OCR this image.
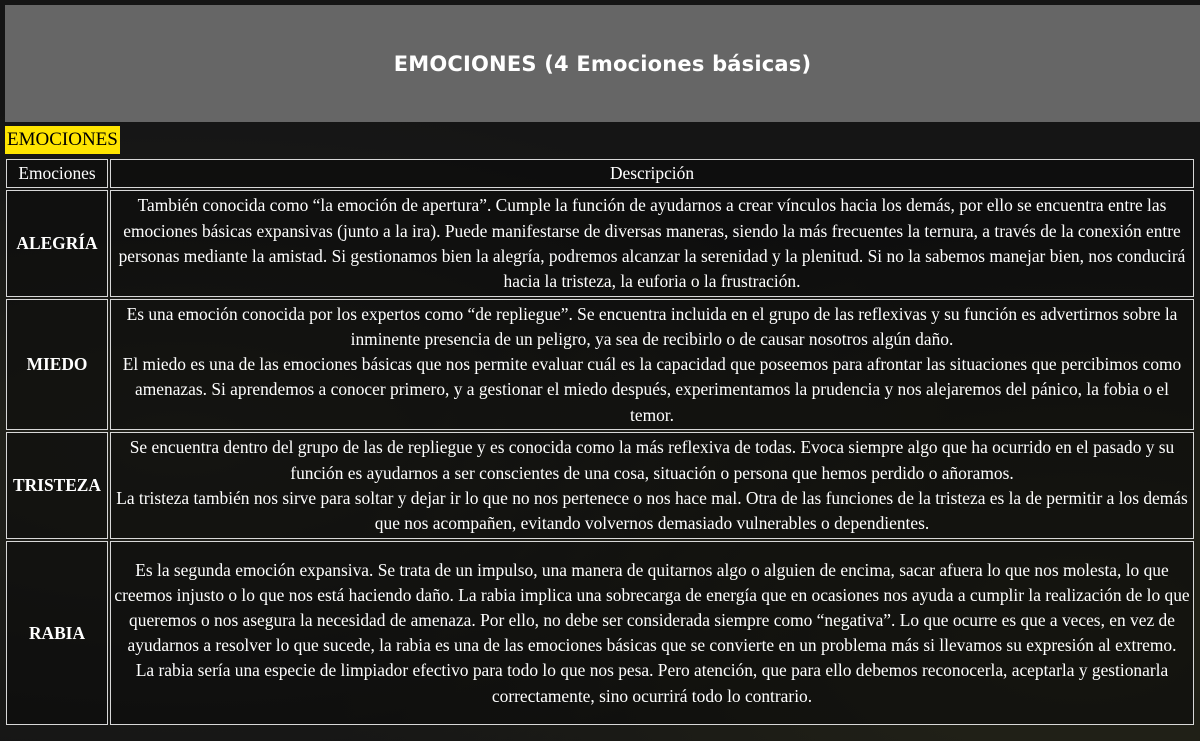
EMOCIONES (4 Emociones básicas)
EMOCIONES
Emociones	Descripción
ALEGRÍA	También conocida como “la emoción de apertura”. Cumple la función de ayudarnos a crear vínculos hacia los demás, por ello se encuentra entre las emociones básicas expansivas (junto a la ira). Puede manifestarse de diversas maneras, siendo la más frecuentes la ternura, a través de la conexión entre personas mediante la amistad. Si gestionamos bien la alegría, podremos alcanzar la serenidad y la plenitud. Si no la sabemos manejar bien, nos conducirá hacia la tristeza, la euforia o la frustración.

MIEDO	Es una emoción conocida por los expertos como “de repliegue”. Se encuentra incluida en el grupo de las reflexivas y su función es advertirnos sobre la inminente presencia de un peligro, ya sea de recibirlo o de causar nosotros algún daño.
El miedo es una de las emociones básicas que nos permite evaluar cuál es la capacidad que poseemos para afrontar las situaciones que percibimos como amenazas. Si aprendemos a conocer primero, y a gestionar el miedo después, experimentamos la prudencia y nos alejaremos del pánico, la fobia o el temor.

TRISTEZA	Se encuentra dentro del grupo de las de repliegue y es conocida como la más reflexiva de todas. Evoca siempre algo que ha ocurrido en el pasado y su función es ayudarnos a ser conscientes de una cosa, situación o persona que hemos perdido o añoramos.
La tristeza también nos sirve para soltar y dejar ir lo que no nos pertenece o nos hace mal. Otra de las funciones de la tristeza es la de permitir a los demás que nos acompañen, evitando volvernos demasiado vulnerables o dependientes.

RABIA	Es la segunda emoción expansiva. Se trata de un impulso, una manera de quitarnos algo o alguien de encima, sacar afuera lo que nos molesta, lo que creemos injusto o lo que nos está haciendo daño. La rabia implica una sobrecarga de energía que en ocasiones nos ayuda a cumplir la realización de lo que queremos o nos asegura la necesidad de amenaza. Por ello, no debe ser considerada siempre como “negativa”. Lo que ocurre es que a veces, en vez de ayudarnos a resolver lo que sucede, la rabia es una de las emociones básicas que se convierte en un problema más si llevamos su expresión al extremo.
La rabia sería una especie de limpiador efectivo para todo lo que nos pesa. Pero atención, que para ello debemos reconocerla, aceptarla y gestionarla correctamente, sino ocurrirá todo lo contrario.
